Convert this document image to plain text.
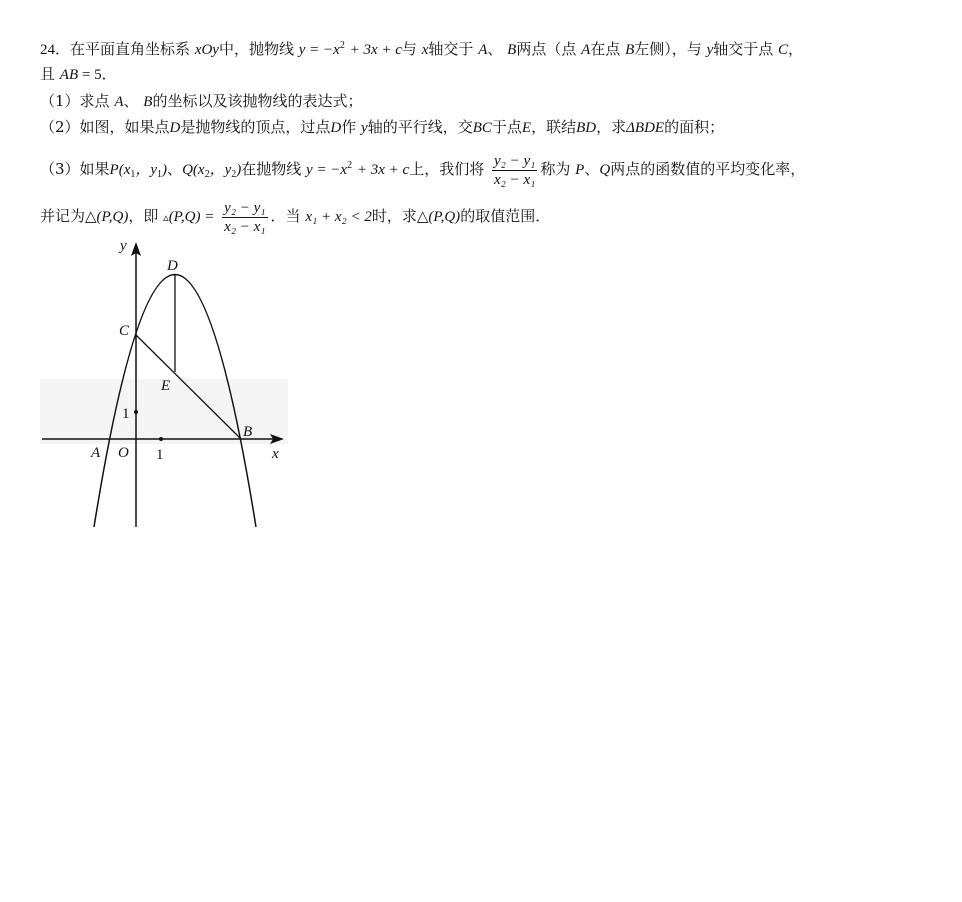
24．在平面直角坐标系 xOy中，抛物线 $y = -x^2 + 3x + c$与 x轴交于 A、 B两点（点 A在点 B左侧），与 y轴交于点 C，
且 AB = 5．
（1）求点 A、 B的坐标以及该抛物线的表达式；
（2）如图，如果点D是抛物线的顶点，过点D作 y轴的平行线，交BC于点E，联结BD，求ΔBDE的面积；
（3）如果$P(x_1$，$y_1$)、$Q(x_2$，$y_2$)在抛物线 $y = -x^2 + 3x + c$上，我们将 $\frac{\text{y₂ − y₁}}{\text{x₂ − x₁}}$ 称为 P、Q两点的函数值的平均变化率，
并记为△(P,Q)，即 ▵(P,Q) = $\frac{\text{y₂ − y₁}}{\text{x₂ − x₁}}$ ．当 x₁ + x₂ < 2时，求△(P,Q)的取值范围．
y
x
D
C
E
B
A O 1
1
